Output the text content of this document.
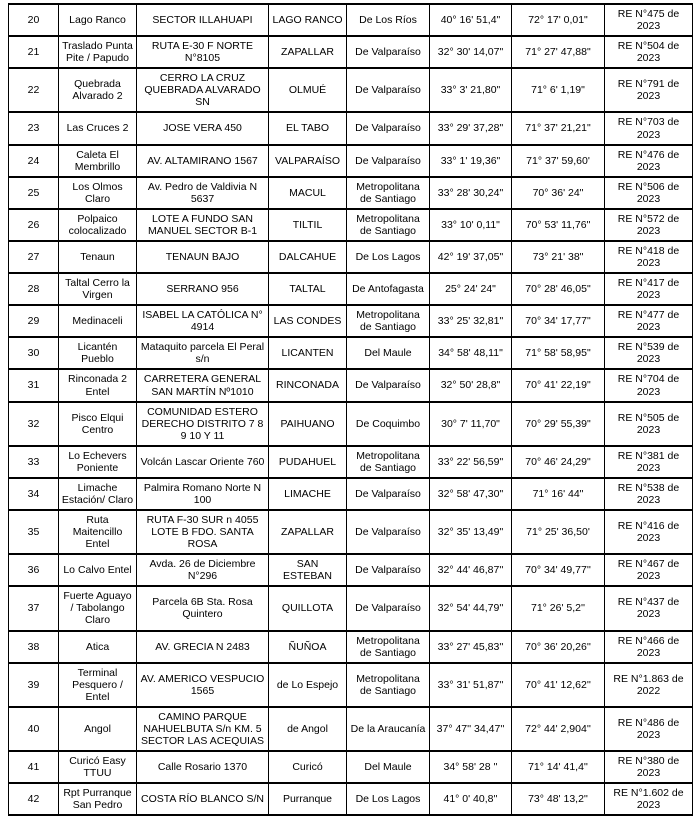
20	Lago Ranco	SECTOR ILLAHUAPI	LAGO RANCO	De Los Ríos	40° 16' 51,4"	72° 17' 0,01"	RE N°475 de 2023
21	Traslado Punta Pite / Papudo	RUTA E-30 F NORTE N°8105	ZAPALLAR	De Valparaíso	32° 30' 14,07"	71° 27' 47,88"	RE N°504 de 2023
22	Quebrada Alvarado 2	CERRO LA CRUZ QUEBRADA ALVARADO SN	OLMUÉ	De Valparaíso	33° 3' 21,80"	71° 6' 1,19"	RE N°791 de 2023
23	Las Cruces 2	JOSE VERA 450	EL TABO	De Valparaíso	33° 29' 37,28"	71° 37' 21,21"	RE N°703 de 2023
24	Caleta El Membrillo	AV. ALTAMIRANO 1567	VALPARAÍSO	De Valparaíso	33° 1' 19,36"	71° 37' 59,60'	RE N°476 de 2023
25	Los Olmos Claro	Av. Pedro de Valdivia N 5637	MACUL	Metropolitana de Santiago	33° 28' 30,24"	70° 36' 24"	RE N°506 de 2023
26	Polpaico colocalizado	LOTE A FUNDO SAN MANUEL SECTOR B-1	TILTIL	Metropolitana de Santiago	33° 10' 0,11"	70° 53' 11,76"	RE N°572 de 2023
27	Tenaun	TENAUN BAJO	DALCAHUE	De Los Lagos	42° 19' 37,05"	73° 21' 38"	RE N°418 de 2023
28	Taltal Cerro la Virgen	SERRANO 956	TALTAL	De Antofagasta	25° 24' 24"	70° 28' 46,05"	RE N°417 de 2023
29	Medinaceli	ISABEL LA CATÓLICA N° 4914	LAS CONDES	Metropolitana de Santiago	33° 25' 32,81"	70° 34' 17,77"	RE N°477 de 2023
30	Licantén Pueblo	Mataquito parcela El Peral s/n	LICANTEN	Del Maule	34° 58' 48,11"	71° 58' 58,95"	RE N°539 de 2023
31	Rinconada 2 Entel	CARRETERA GENERAL SAN MARTÍN Nº1010	RINCONADA	De Valparaíso	32° 50' 28,8"	70° 41' 22,19"	RE N°704 de 2023
32	Pisco Elqui Centro	COMUNIDAD ESTERO DERECHO DISTRITO 7 8 9 10 Y 11	PAIHUANO	De Coquimbo	30° 7' 11,70"	70° 29' 55,39"	RE N°505 de 2023
33	Lo Echevers Poniente	Volcán Lascar Oriente 760	PUDAHUEL	Metropolitana de Santiago	33° 22' 56,59"	70° 46' 24,29"	RE N°381 de 2023
34	Limache Estación/ Claro	Palmira Romano Norte N 100	LIMACHE	De Valparaíso	32° 58' 47,30"	71° 16' 44"	RE N°538 de 2023
35	Ruta Maitencillo Entel	RUTA F-30 SUR n 4055 LOTE B FDO. SANTA ROSA	ZAPALLAR	De Valparaíso	32° 35' 13,49"	71° 25' 36,50'	RE N°416 de 2023
36	Lo Calvo Entel	Avda. 26 de Diciembre N°296	SAN ESTEBAN	De Valparaíso	32° 44' 46,87''	70° 34' 49,77''	RE N°467 de 2023
37	Fuerte Aguayo / Tabolango Claro	Parcela 6B Sta. Rosa Quintero	QUILLOTA	De Valparaíso	32° 54' 44,79''	71° 26' 5,2''	RE N°437 de 2023
38	Atica	AV. GRECIA N 2483	ÑUÑOA	Metropolitana de Santiago	33° 27' 45,83''	70° 36' 20,26''	RE N°466 de 2023
39	Terminal Pesquero / Entel	AV. AMERICO VESPUCIO 1565	de Lo Espejo	Metropolitana de Santiago	33° 31' 51,87''	70° 41' 12,62''	RE N°1.863 de 2022
40	Angol	CAMINO PARQUE NAHUELBUTA S/n KM. 5 SECTOR LAS ACEQUIAS	de Angol	De la Araucanía	37° 47'' 34,47''	72° 44' 2,904''	RE N°486 de 2023
41	Curicó Easy TTUU	Calle Rosario 1370	Curicó	Del Maule	34° 58' 28 ''	71° 14' 41,4''	RE N°380 de 2023
42	Rpt Purranque San Pedro	COSTA RÍO BLANCO S/N	Purranque	De Los Lagos	41° 0' 40,8''	73° 48' 13,2''	RE N°1.602 de 2023
